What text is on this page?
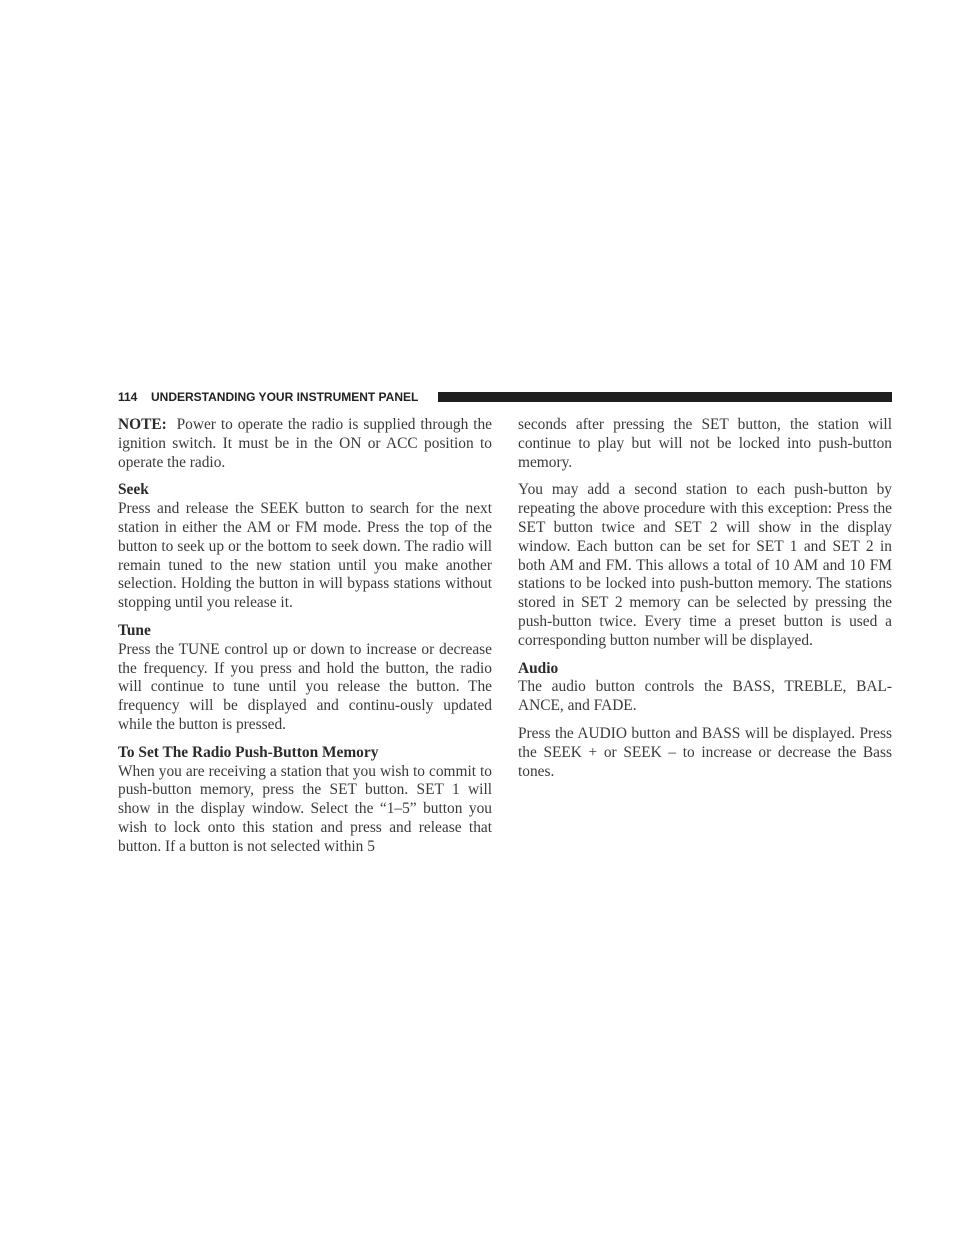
114 UNDERSTANDING YOUR INSTRUMENT PANEL

NOTE: Power to operate the radio is supplied through the ignition switch. It must be in the ON or ACC position to operate the radio.

Seek

Press and release the SEEK button to search for the next station in either the AM or FM mode. Press the top of the button to seek up or the bottom to seek down. The radio will remain tuned to the new station until you make another selection. Holding the button in will bypass stations without stopping until you release it.

Tune

Press the TUNE control up or down to increase or decrease the frequency. If you press and hold the button, the radio will continue to tune until you release the button. The frequency will be displayed and continu-ously updated while the button is pressed.

To Set The Radio Push-Button Memory

When you are receiving a station that you wish to commit to push-button memory, press the SET button. SET 1 will show in the display window. Select the “1–5” button you wish to lock onto this station and press and release that button. If a button is not selected within 5

seconds after pressing the SET button, the station will continue to play but will not be locked into push-button memory.

You may add a second station to each push-button by repeating the above procedure with this exception: Press the SET button twice and SET 2 will show in the display window. Each button can be set for SET 1 and SET 2 in both AM and FM. This allows a total of 10 AM and 10 FM stations to be locked into push-button memory. The stations stored in SET 2 memory can be selected by pressing the push-button twice. Every time a preset button is used a corresponding button number will be displayed.

Audio

The audio button controls the BASS, TREBLE, BAL-ANCE, and FADE.

Press the AUDIO button and BASS will be displayed. Press the SEEK + or SEEK – to increase or decrease the Bass tones.
